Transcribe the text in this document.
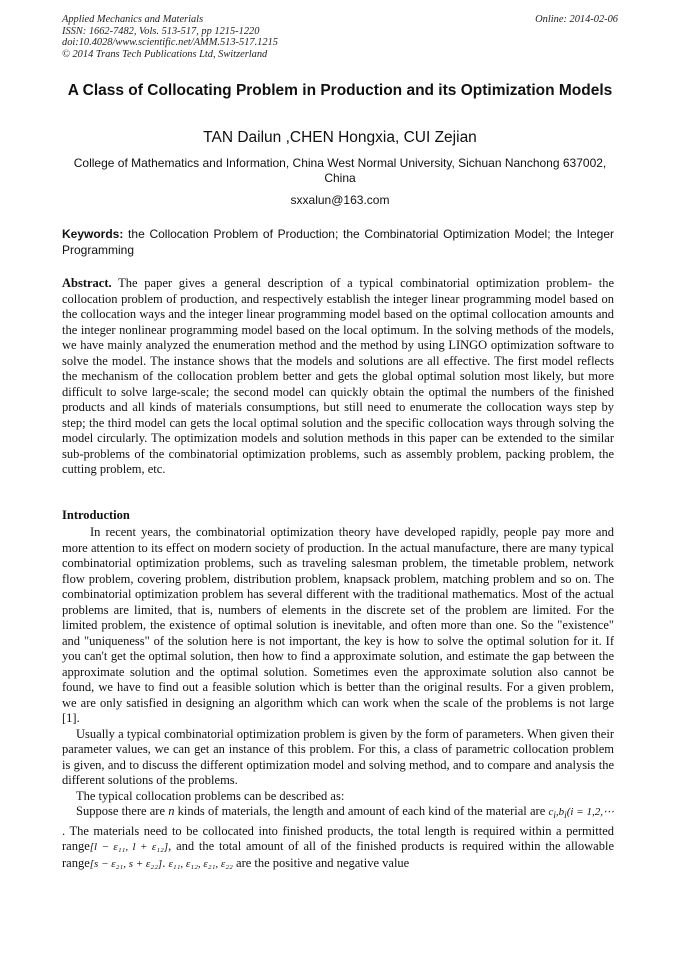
Applied Mechanics and Materials
ISSN: 1662-7482, Vols. 513-517, pp 1215-1220
doi:10.4028/www.scientific.net/AMM.513-517.1215
© 2014 Trans Tech Publications Ltd, Switzerland
Online: 2014-02-06
A Class of Collocating Problem in Production and its Optimization Models
TAN Dailun ,CHEN Hongxia, CUI Zejian
College of Mathematics and Information, China West Normal University, Sichuan Nanchong 637002, China
sxxalun@163.com
Keywords: the Collocation Problem of Production; the Combinatorial Optimization Model; the Integer Programming
Abstract. The paper gives a general description of a typical combinatorial optimization problem- the collocation problem of production, and respectively establish the integer linear programming model based on the collocation ways and the integer linear programming model based on the optimal collocation amounts and the integer nonlinear programming model based on the local optimum. In the solving methods of the models, we have mainly analyzed the enumeration method and the method by using LINGO optimization software to solve the model. The instance shows that the models and solutions are all effective. The first model reflects the mechanism of the collocation problem better and gets the global optimal solution most likely, but more difficult to solve large-scale; the second model can quickly obtain the optimal the numbers of the finished products and all kinds of materials consumptions, but still need to enumerate the collocation ways step by step; the third model can gets the local optimal solution and the specific collocation ways through solving the model circularly. The optimization models and solution methods in this paper can be extended to the similar sub-problems of the combinatorial optimization problems, such as assembly problem, packing problem, the cutting problem, etc.
Introduction

In recent years, the combinatorial optimization theory have developed rapidly, people pay more and more attention to its effect on modern society of production. In the actual manufacture, there are many typical combinatorial optimization problems, such as traveling salesman problem, the timetable problem, network flow problem, covering problem, distribution problem, knapsack problem, matching problem and so on. The combinatorial optimization problem has several different with the traditional mathematics. Most of the actual problems are limited, that is, numbers of elements in the discrete set of the problem are limited. For the limited problem, the existence of optimal solution is inevitable, and often more than one. So the "existence" and "uniqueness" of the solution here is not important, the key is how to solve the optimal solution for it. If you can't get the optimal solution, then how to find a approximate solution, and estimate the gap between the approximate solution and the optimal solution. Sometimes even the approximate solution also cannot be found, we have to find out a feasible solution which is better than the original results. For a given problem, we are only satisfied in designing an algorithm which can work when the scale of the problems is not large [1].

Usually a typical combinatorial optimization problem is given by the form of parameters. When given their parameter values, we can get an instance of this problem. For this, a class of parametric collocation problem is given, and to discuss the different optimization model and solving method, and to compare and analysis the different solutions of the problems.

The typical collocation problems can be described as:

Suppose there are n kinds of materials, the length and amount of each kind of the material are $c_i,b_i(i$ = 1,2,⋯ . The materials need to be collocated into finished products, the total length is required within a permitted range[l − ε₁₁, l + ε₁₂], and the total amount of all of the finished products is required within the allowable range[s − ε₂₁, s + ε₂₂]. ε₁₁, ε₁₂, ε₂₁, ε₂₂ are the positive and negative value
